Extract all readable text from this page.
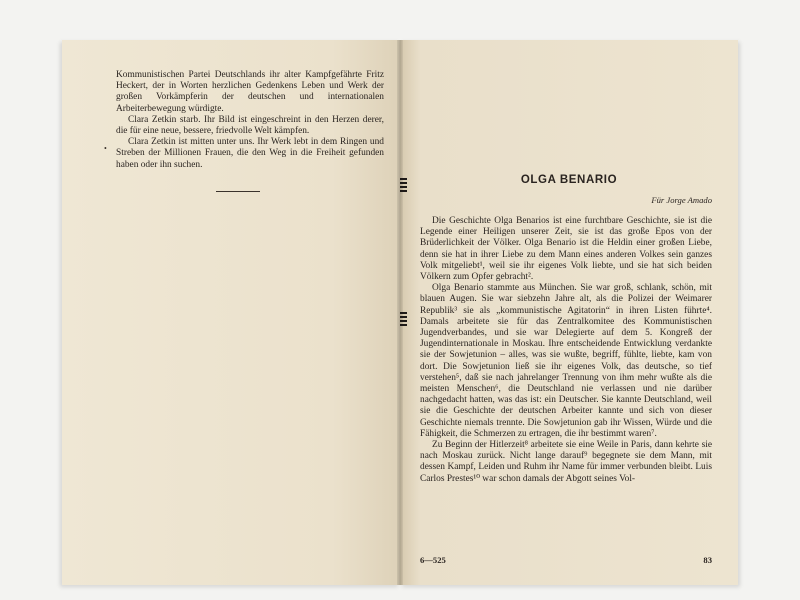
Kommunistischen Partei Deutschlands ihr alter Kampfgefährte Fritz Heckert, der in Worten herzlichen Gedenkens Leben und Werk der großen Vorkämpferin der deutschen und internationalen Arbeiterbewegung würdigte.

Clara Zetkin starb. Ihr Bild ist eingeschreint in den Herzen derer, die für eine neue, bessere, friedvolle Welt kämpfen.

Clara Zetkin ist mitten unter uns. Ihr Werk lebt in dem Ringen und Streben der Millionen Frauen, die den Weg in die Freiheit gefunden haben oder ihn suchen.

•
OLGA BENARIO
Für Jorge Amado

Die Geschichte Olga Benarios ist eine furchtbare Geschichte, sie ist die Legende einer Heiligen unserer Zeit, sie ist das große Epos von der Brüderlichkeit der Völker. Olga Benario ist die Heldin einer großen Liebe, denn sie hat in ihrer Liebe zu dem Mann eines anderen Volkes sein ganzes Volk mitgeliebt¹, weil sie ihr eigenes Volk liebte, und sie hat sich beiden Völkern zum Opfer gebracht².

Olga Benario stammte aus München. Sie war groß, schlank, schön, mit blauen Augen. Sie war siebzehn Jahre alt, als die Polizei der Weimarer Republik³ sie als „kommunistische Agitatorin“ in ihren Listen führte⁴. Damals arbeitete sie für das Zentralkomitee des Kommunistischen Jugendverbandes, und sie war Delegierte auf dem 5. Kongreß der Jugendinternationale in Moskau. Ihre entscheidende Entwicklung verdankte sie der Sowjetunion – alles, was sie wußte, begriff, fühlte, liebte, kam von dort. Die Sowjetunion ließ sie ihr eigenes Volk, das deutsche, so tief verstehen⁵, daß sie nach jahrelanger Trennung von ihm mehr wußte als die meisten Menschen⁶, die Deutschland nie verlassen und nie darüber nachgedacht hatten, was das ist: ein Deutscher. Sie kannte Deutschland, weil sie die Geschichte der deutschen Arbeiter kannte und sich von dieser Geschichte niemals trennte. Die Sowjetunion gab ihr Wissen, Würde und die Fähigkeit, die Schmerzen zu ertragen, die ihr bestimmt waren⁷.

Zu Beginn der Hitlerzeit⁸ arbeitete sie eine Weile in Paris, dann kehrte sie nach Moskau zurück. Nicht lange darauf⁹ begegnete sie dem Mann, mit dessen Kampf, Leiden und Ruhm ihr Name für immer verbunden bleibt. Luis Carlos Prestes¹⁰ war schon damals der Abgott seines Vol-

6—525	83
